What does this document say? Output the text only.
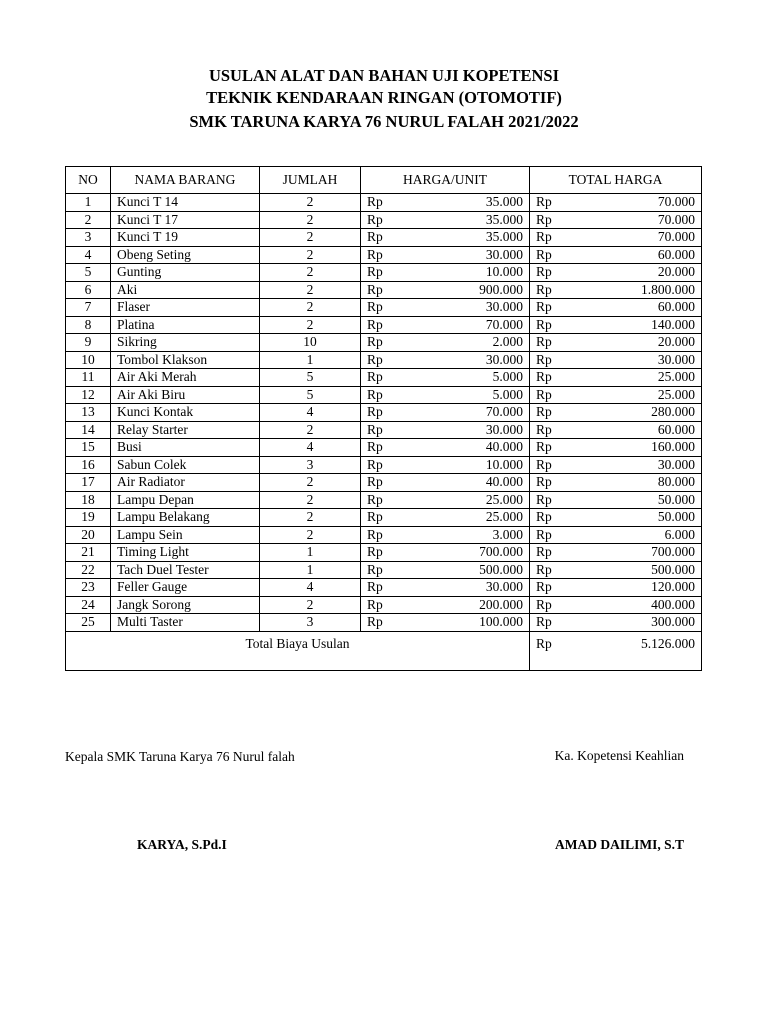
USULAN ALAT DAN BAHAN UJI KOPETENSI
TEKNIK KENDARAAN RINGAN (OTOMOTIF)
SMK TARUNA KARYA 76 NURUL FALAH 2021/2022
NO	NAMA BARANG	JUMLAH	HARGA/UNIT		TOTAL HARGA	
1	Kunci T 14	2	Rp	35.000	Rp	70.000
2	Kunci T 17	2	Rp	35.000	Rp	70.000
3	Kunci T 19	2	Rp	35.000	Rp	70.000
4	Obeng Seting	2	Rp	30.000	Rp	60.000
5	Gunting	2	Rp	10.000	Rp	20.000
6	Aki	2	Rp	900.000	Rp	1.800.000
7	Flaser	2	Rp	30.000	Rp	60.000
8	Platina	2	Rp	70.000	Rp	140.000
9	Sikring	10	Rp	2.000	Rp	20.000
10	Tombol Klakson	1	Rp	30.000	Rp	30.000
11	Air Aki Merah	5	Rp	5.000	Rp	25.000
12	Air Aki Biru	5	Rp	5.000	Rp	25.000
13	Kunci Kontak	4	Rp	70.000	Rp	280.000
14	Relay Starter	2	Rp	30.000	Rp	60.000
15	Busi	4	Rp	40.000	Rp	160.000
16	Sabun Colek	3	Rp	10.000	Rp	30.000
17	Air Radiator	2	Rp	40.000	Rp	80.000
18	Lampu Depan	2	Rp	25.000	Rp	50.000
19	Lampu Belakang	2	Rp	25.000	Rp	50.000
20	Lampu Sein	2	Rp	3.000	Rp	6.000
21	Timing Light	1	Rp	700.000	Rp	700.000
22	Tach Duel Tester	1	Rp	500.000	Rp	500.000
23	Feller Gauge	4	Rp	30.000	Rp	120.000
24	Jangk Sorong	2	Rp	200.000	Rp	400.000
25	Multi Taster	3	Rp	100.000	Rp	300.000
Total Biaya Usulan					Rp	5.126.000
Kepala SMK Taruna Karya 76 Nurul falah	Ka. Kopetensi Keahlian
KARYA, S.Pd.I	AMAD DAILIMI, S.T
